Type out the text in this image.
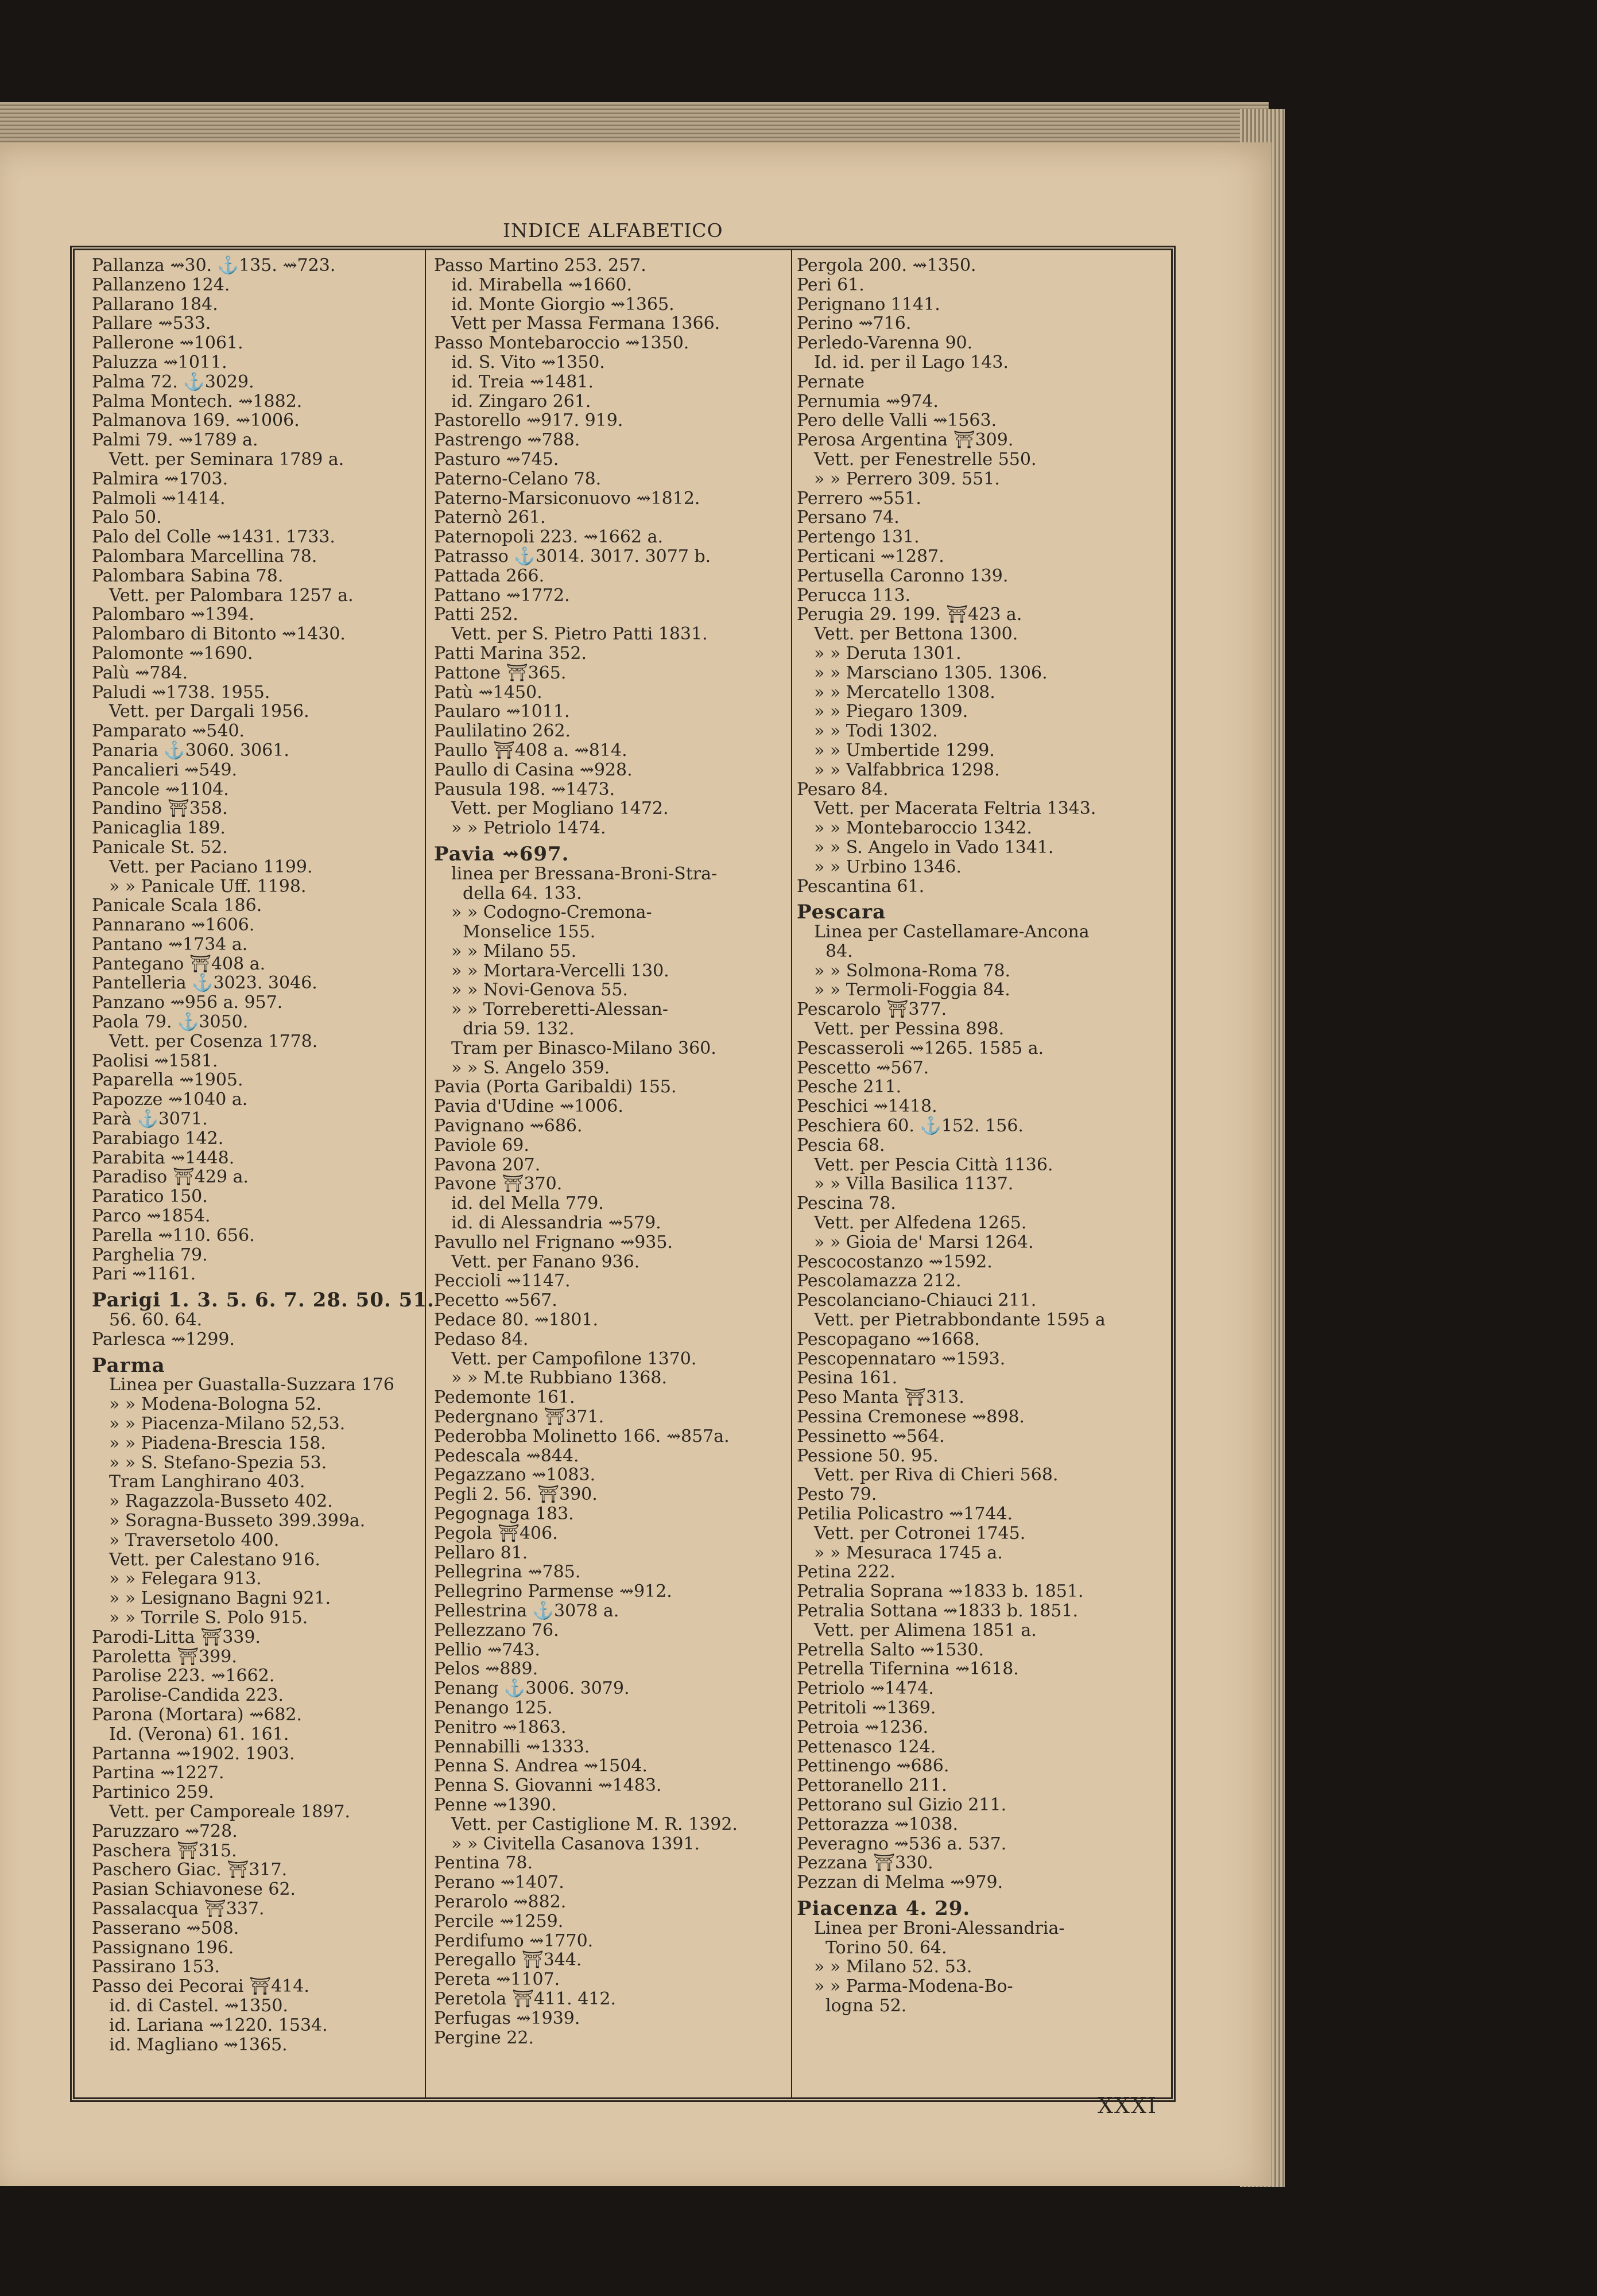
INDICE ALFABETICO

Pallanza ⇝30. ⚓135. ⇝723.

Pallanzeno 124.

Pallarano 184.

Pallare ⇝533.

Pallerone ⇝1061.

Paluzza ⇝1011.

Palma 72. ⚓3029.

Palma Montech. ⇝1882.

Palmanova 169. ⇝1006.

Palmi 79. ⇝1789 a.

Vett. per Seminara 1789 a.

Palmira ⇝1703.

Palmoli ⇝1414.

Palo 50.

Palo del Colle ⇝1431. 1733.

Palombara Marcellina 78.

Palombara Sabina 78.

Vett. per Palombara 1257 a.

Palombaro ⇝1394.

Palombaro di Bitonto ⇝1430.

Palomonte ⇝1690.

Palù ⇝784.

Paludi ⇝1738. 1955.

Vett. per Dargali 1956.

Pamparato ⇝540.

Panaria ⚓3060. 3061.

Pancalieri ⇝549.

Pancole ⇝1104.

Pandino ⛩358.

Panicaglia 189.

Panicale St. 52.

Vett. per Paciano 1199.

» » Panicale Uff. 1198.

Panicale Scala 186.

Pannarano ⇝1606.

Pantano ⇝1734 a.

Pantegano ⛩408 a.

Pantelleria ⚓3023. 3046.

Panzano ⇝956 a. 957.

Paola 79. ⚓3050.

Vett. per Cosenza 1778.

Paolisi ⇝1581.

Paparella ⇝1905.

Papozze ⇝1040 a.

Parà ⚓3071.

Parabiago 142.

Parabita ⇝1448.

Paradiso ⛩429 a.

Paratico 150.

Parco ⇝1854.

Parella ⇝110. 656.

Parghelia 79.

Pari ⇝1161.

Parigi 1. 3. 5. 6. 7. 28. 50. 51.

56. 60. 64.

Parlesca ⇝1299.

Parma

Linea per Guastalla-Suzzara 176

» » Modena-Bologna 52.

» » Piacenza-Milano 52,53.

» » Piadena-Brescia 158.

» » S. Stefano-Spezia 53.

Tram Langhirano 403.

» Ragazzola-Busseto 402.

» Soragna-Busseto 399.399a.

» Traversetolo 400.

Vett. per Calestano 916.

» » Felegara 913.

» » Lesignano Bagni 921.

» » Torrile S. Polo 915.

Parodi-Litta ⛩339.

Paroletta ⛩399.

Parolise 223. ⇝1662.

Parolise-Candida 223.

Parona (Mortara) ⇝682.

Id. (Verona) 61. 161.

Partanna ⇝1902. 1903.

Partina ⇝1227.

Partinico 259.

Vett. per Camporeale 1897.

Paruzzaro ⇝728.

Paschera ⛩315.

Paschero Giac. ⛩317.

Pasian Schiavonese 62.

Passalacqua ⛩337.

Passerano ⇝508.

Passignano 196.

Passirano 153.

Passo dei Pecorai ⛩414.

id. di Castel. ⇝1350.

id. Lariana ⇝1220. 1534.

id. Magliano ⇝1365.

Passo Martino 253. 257.

id. Mirabella ⇝1660.

id. Monte Giorgio ⇝1365.

Vett per Massa Fermana 1366.

Passo Montebaroccio ⇝1350.

id. S. Vito ⇝1350.

id. Treia ⇝1481.

id. Zingaro 261.

Pastorello ⇝917. 919.

Pastrengo ⇝788.

Pasturo ⇝745.

Paterno-Celano 78.

Paterno-Marsiconuovo ⇝1812.

Paternò 261.

Paternopoli 223. ⇝1662 a.

Patrasso ⚓3014. 3017. 3077 b.

Pattada 266.

Pattano ⇝1772.

Patti 252.

Vett. per S. Pietro Patti 1831.

Patti Marina 352.

Pattone ⛩365.

Patù ⇝1450.

Paularo ⇝1011.

Paulilatino 262.

Paullo ⛩408 a. ⇝814.

Paullo di Casina ⇝928.

Pausula 198. ⇝1473.

Vett. per Mogliano 1472.

» » Petriolo 1474.

Pavia ⇝697.

linea per Bressana-Broni-Stra-

della 64. 133.

» » Codogno-Cremona-

Monselice 155.

» » Milano 55.

» » Mortara-Vercelli 130.

» » Novi-Genova 55.

» » Torreberetti-Alessan-

dria 59. 132.

Tram per Binasco-Milano 360.

» » S. Angelo 359.

Pavia (Porta Garibaldi) 155.

Pavia d'Udine ⇝1006.

Pavignano ⇝686.

Paviole 69.

Pavona 207.

Pavone ⛩370.

id. del Mella 779.

id. di Alessandria ⇝579.

Pavullo nel Frignano ⇝935.

Vett. per Fanano 936.

Peccioli ⇝1147.

Pecetto ⇝567.

Pedace 80. ⇝1801.

Pedaso 84.

Vett. per Campofilone 1370.

» » M.te Rubbiano 1368.

Pedemonte 161.

Pedergnano ⛩371.

Pederobba Molinetto 166. ⇝857a.

Pedescala ⇝844.

Pegazzano ⇝1083.

Pegli 2. 56. ⛩390.

Pegognaga 183.

Pegola ⛩406.

Pellaro 81.

Pellegrina ⇝785.

Pellegrino Parmense ⇝912.

Pellestrina ⚓3078 a.

Pellezzano 76.

Pellio ⇝743.

Pelos ⇝889.

Penang ⚓3006. 3079.

Penango 125.

Penitro ⇝1863.

Pennabilli ⇝1333.

Penna S. Andrea ⇝1504.

Penna S. Giovanni ⇝1483.

Penne ⇝1390.

Vett. per Castiglione M. R. 1392.

» » Civitella Casanova 1391.

Pentina 78.

Perano ⇝1407.

Perarolo ⇝882.

Percile ⇝1259.

Perdifumo ⇝1770.

Peregallo ⛩344.

Pereta ⇝1107.

Peretola ⛩411. 412.

Perfugas ⇝1939.

Pergine 22.

Pergola 200. ⇝1350.

Peri 61.

Perignano 1141.

Perino ⇝716.

Perledo-Varenna 90.

Id. id. per il Lago 143.

Pernate

Pernumia ⇝974.

Pero delle Valli ⇝1563.

Perosa Argentina ⛩309.

Vett. per Fenestrelle 550.

» » Perrero 309. 551.

Perrero ⇝551.

Persano 74.

Pertengo 131.

Perticani ⇝1287.

Pertusella Caronno 139.

Perucca 113.

Perugia 29. 199. ⛩423 a.

Vett. per Bettona 1300.

» » Deruta 1301.

» » Marsciano 1305. 1306.

» » Mercatello 1308.

» » Piegaro 1309.

» » Todi 1302.

» » Umbertide 1299.

» » Valfabbrica 1298.

Pesaro 84.

Vett. per Macerata Feltria 1343.

» » Montebaroccio 1342.

» » S. Angelo in Vado 1341.

» » Urbino 1346.

Pescantina 61.

Pescara

Linea per Castellamare-Ancona

84.

» » Solmona-Roma 78.

» » Termoli-Foggia 84.

Pescarolo ⛩377.

Vett. per Pessina 898.

Pescasseroli ⇝1265. 1585 a.

Pescetto ⇝567.

Pesche 211.

Peschici ⇝1418.

Peschiera 60. ⚓152. 156.

Pescia 68.

Vett. per Pescia Città 1136.

» » Villa Basilica 1137.

Pescina 78.

Vett. per Alfedena 1265.

» » Gioia de' Marsi 1264.

Pescocostanzo ⇝1592.

Pescolamazza 212.

Pescolanciano-Chiauci 211.

Vett. per Pietrabbondante 1595 a

Pescopagano ⇝1668.

Pescopennataro ⇝1593.

Pesina 161.

Peso Manta ⛩313.

Pessina Cremonese ⇝898.

Pessinetto ⇝564.

Pessione 50. 95.

Vett. per Riva di Chieri 568.

Pesto 79.

Petilia Policastro ⇝1744.

Vett. per Cotronei 1745.

» » Mesuraca 1745 a.

Petina 222.

Petralia Soprana ⇝1833 b. 1851.

Petralia Sottana ⇝1833 b. 1851.

Vett. per Alimena 1851 a.

Petrella Salto ⇝1530.

Petrella Tifernina ⇝1618.

Petriolo ⇝1474.

Petritoli ⇝1369.

Petroia ⇝1236.

Pettenasco 124.

Pettinengo ⇝686.

Pettoranello 211.

Pettorano sul Gizio 211.

Pettorazza ⇝1038.

Peveragno ⇝536 a. 537.

Pezzana ⛩330.

Pezzan di Melma ⇝979.

Piacenza 4. 29.

Linea per Broni-Alessandria-

Torino 50. 64.

» » Milano 52. 53.

» » Parma-Modena-Bo-

logna 52.

XXXI
